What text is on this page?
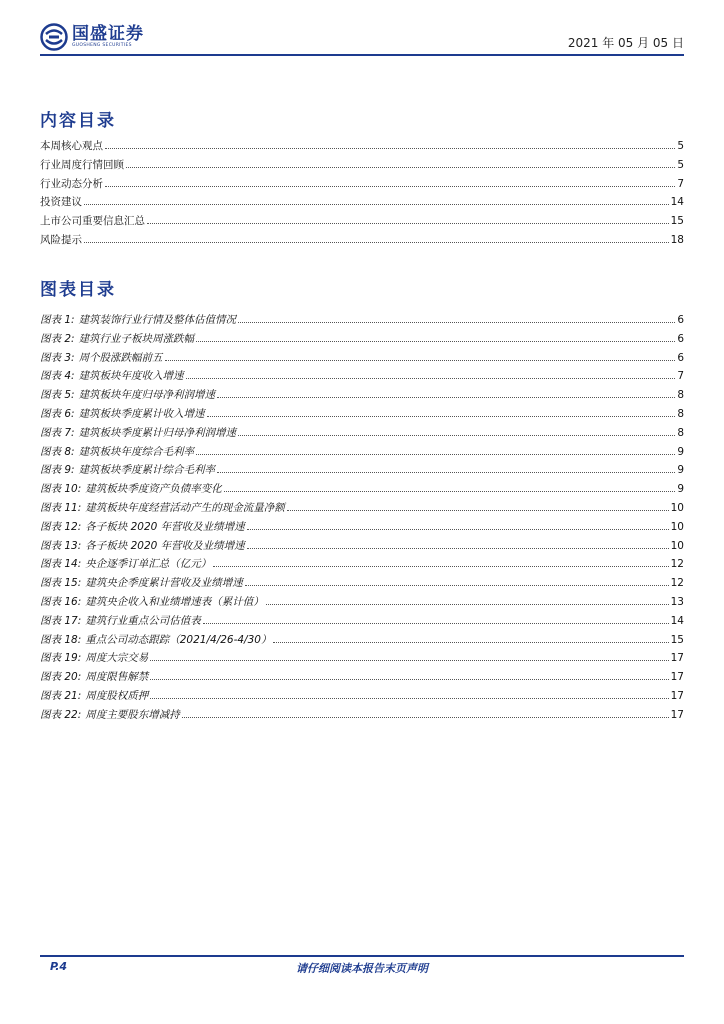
国盛证券
GUOSHENG SECURITIES	2021 年 05 月 05 日
内容目录
本周核心观点	5
行业周度行情回顾	5
行业动态分析	7
投资建议	14
上市公司重要信息汇总	15
风险提示	18
图表目录
图表 1: 建筑装饰行业行情及整体估值情况	6
图表 2: 建筑行业子板块周涨跌幅	6
图表 3: 周个股涨跌幅前五	6
图表 4: 建筑板块年度收入增速	7
图表 5: 建筑板块年度归母净利润增速	8
图表 6: 建筑板块季度累计收入增速	8
图表 7: 建筑板块季度累计归母净利润增速	8
图表 8: 建筑板块年度综合毛利率	9
图表 9: 建筑板块季度累计综合毛利率	9
图表 10: 建筑板块季度资产负债率变化	9
图表 11: 建筑板块年度经营活动产生的现金流量净额	10
图表 12: 各子板块 2020 年营收及业绩增速	10
图表 13: 各子板块 2020 年营收及业绩增速	10
图表 14: 央企逐季订单汇总（亿元）	12
图表 15: 建筑央企季度累计营收及业绩增速	12
图表 16: 建筑央企收入和业绩增速表（累计值）	13
图表 17: 建筑行业重点公司估值表	14
图表 18: 重点公司动态跟踪（2021/4/26-4/30）	15
图表 19: 周度大宗交易	17
图表 20: 周度限售解禁	17
图表 21: 周度股权质押	17
图表 22: 周度主要股东增减持	17
请仔细阅读本报告末页声明
P.4
